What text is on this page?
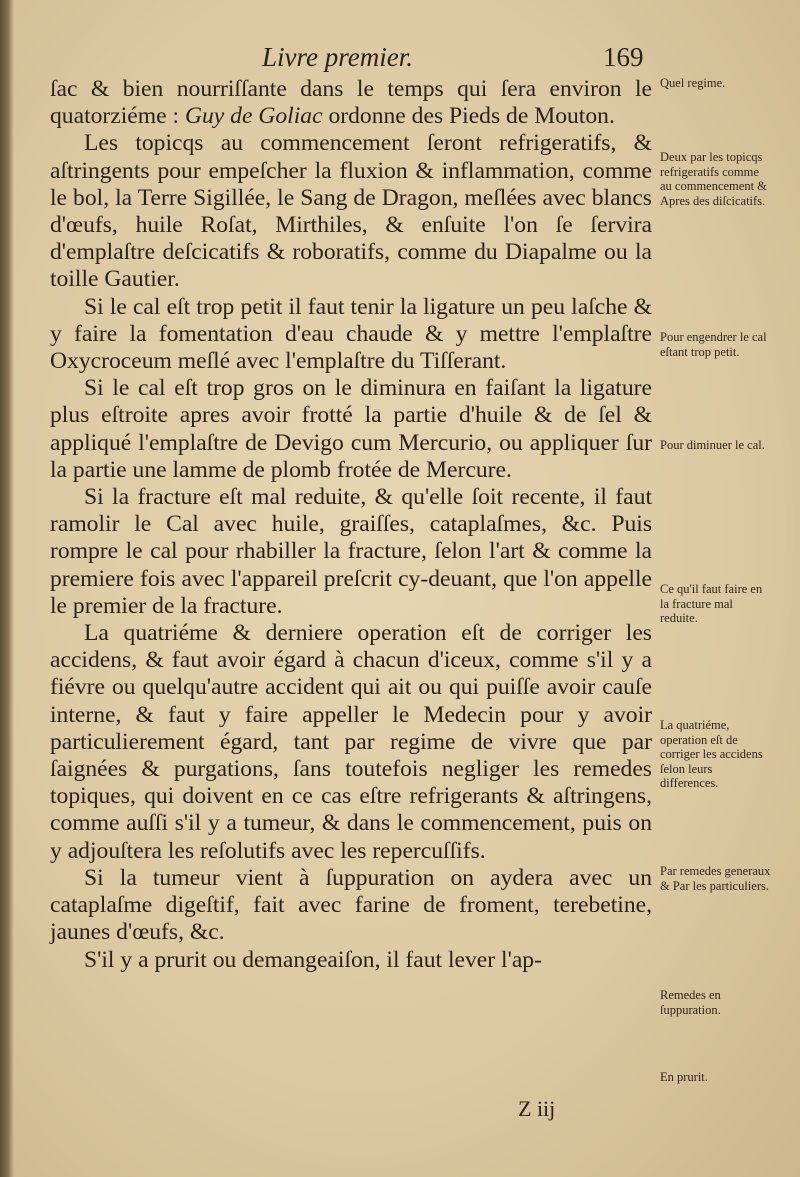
Livre premier.	169

ſac & bien nourriſſante dans le temps qui ſera environ le quatorziéme : Guy de Goliac ordonne des Pieds de Mouton.

Les topicqs au commencement ſeront refrigeratifs, & aſtringents pour empeſcher la fluxion & inflammation, comme le bol, la Terre Sigillée, le Sang de Dragon, meſlées avec blancs d'œufs, huile Roſat, Mirthiles, & enſuite l'on ſe ſervira d'emplaſtre deſcicatifs & roboratifs, comme du Diapalme ou la toille Gautier.

Si le cal eſt trop petit il faut tenir la ligature un peu laſche & y faire la fomentation d'eau chaude & y mettre l'emplaſtre Oxycroceum meſlé avec l'emplaſtre du Tiſſerant.

Si le cal eſt trop gros on le diminura en faiſant la ligature plus eſtroite apres avoir frotté la partie d'huile & de ſel & appliqué l'emplaſtre de Devigo cum Mercurio, ou appliquer ſur la partie une lamme de plomb frotée de Mercure.

Si la fracture eſt mal reduite, & qu'elle ſoit recente, il faut ramolir le Cal avec huile, graiſſes, cataplaſmes, &c. Puis rompre le cal pour rhabiller la fracture, ſelon l'art & comme la premiere fois avec l'appareil preſcrit cy-deuant, que l'on appelle le premier de la fracture.

La quatriéme & derniere operation eſt de corriger les accidens, & faut avoir égard à chacun d'iceux, comme s'il y a fiévre ou quelqu'autre accident qui ait ou qui puiſſe avoir cauſe interne, & faut y faire appeller le Medecin pour y avoir particulierement égard, tant par regime de vivre que par ſaignées & purgations, ſans toutefois negliger les remedes topiques, qui doivent en ce cas eſtre refrigerants & aſtringens, comme auſſi s'il y a tumeur, & dans le commencement, puis on y adjouſtera les reſolutifs avec les repercuſſifs.

Si la tumeur vient à ſuppuration on aydera avec un cataplaſme digeſtif, fait avec farine de froment, terebetine, jaunes d'œufs, &c.

S'il y a prurit ou demangeaiſon, il faut lever l'ap-

Quel regime.
Deux par les topicqs refrigeratifs comme au commencement & Apres des diſcicatifs.
Pour engendrer le cal eſtant trop petit.
Pour diminuer le cal.
Ce qu'il faut faire en la fracture mal reduite.
La quatriéme, operation eſt de corriger les accidens ſelon leurs differences.
Par remedes generaux & Par les particuliers.
Remedes en ſuppuration.
En prurit.
Z iij
